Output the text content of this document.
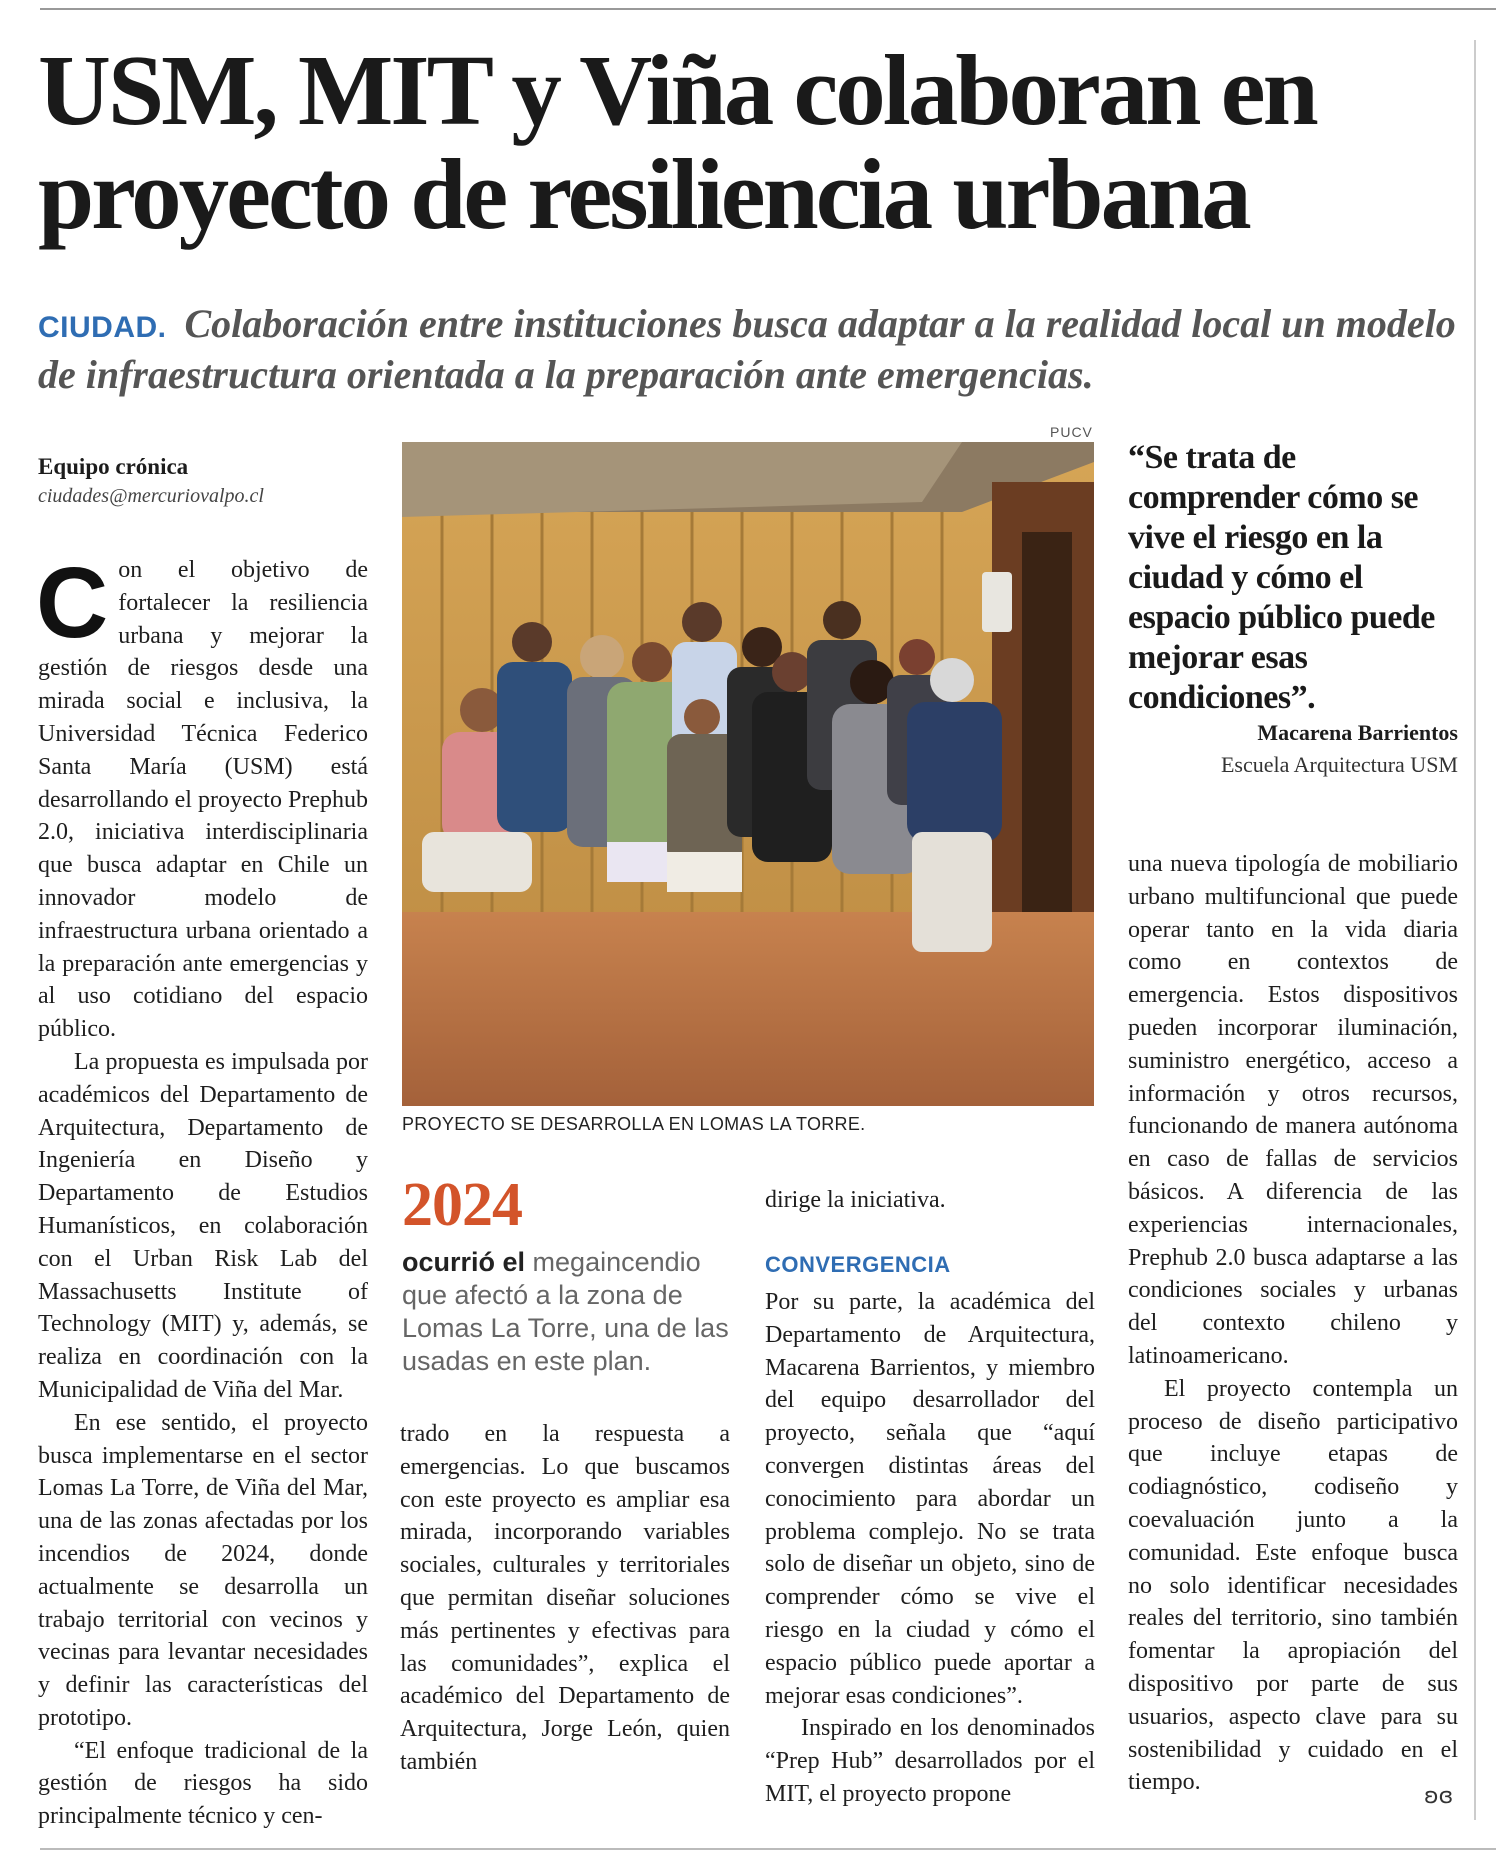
USM, MIT y Viña colaboran en
proyecto de resiliencia urbana
CIUDAD. Colaboración entre instituciones busca adaptar a la realidad local un modelo de infraestructura orientada a la preparación ante emergencias.
Equipo crónica
ciudades@mercuriovalpo.cl

Con el objetivo de fortalecer la resiliencia urbana y mejorar la gestión de riesgos desde una mirada social e inclusiva, la Universidad Técnica Federico Santa María (USM) está desarrollando el proyecto Prephub 2.0, iniciativa interdisciplinaria que busca adaptar en Chile un innovador modelo de infraestructura urbana orientado a la preparación ante emergencias y al uso cotidiano del espacio público.

La propuesta es impulsada por académicos del Departamento de Arquitectura, Departamento de Ingeniería en Diseño y Departamento de Estudios Humanísticos, en colaboración con el Urban Risk Lab del Massachusetts Institute of Technology (MIT) y, además, se realiza en coordinación con la Municipalidad de Viña del Mar.

En ese sentido, el proyecto busca implementarse en el sector Lomas La Torre, de Viña del Mar, una de las zonas afectadas por los incendios de 2024, donde actualmente se desarrolla un trabajo territorial con vecinos y vecinas para levantar necesidades y definir las características del prototipo.

“El enfoque tradicional de la gestión de riesgos ha sido principalmente técnico y cen-

PUCV
PROYECTO SE DESARROLLA EN LOMAS LA TORRE.
2024
ocurrió el megaincendio que afectó a la zona de Lomas La Torre, una de las usadas en este plan.

trado en la respuesta a emergencias. Lo que buscamos con este proyecto es ampliar esa mirada, incorporando variables sociales, culturales y territoriales que permitan diseñar soluciones más pertinentes y efectivas para las comunidades”, explica el académico del Departamento de Arquitectura, Jorge León, quien también

dirige la iniciativa.
CONVERGENCIA

Por su parte, la académica del Departamento de Arquitectura, Macarena Barrientos, y miembro del equipo desarrollador del proyecto, señala que “aquí convergen distintas áreas del conocimiento para abordar un problema complejo. No se trata solo de diseñar un objeto, sino de comprender cómo se vive el riesgo en la ciudad y cómo el espacio público puede aportar a mejorar esas condiciones”.

Inspirado en los denominados “Prep Hub” desarrollados por el MIT, el proyecto propone

“Se trata de comprender cómo se vive el riesgo en la ciudad y cómo el espacio público puede mejorar esas condiciones”.
Macarena Barrientos
Escuela Arquitectura USM

una nueva tipología de mobiliario urbano multifuncional que puede operar tanto en la vida diaria como en contextos de emergencia. Estos dispositivos pueden incorporar iluminación, suministro energético, acceso a información y otros recursos, funcionando de manera autónoma en caso de fallas de servicios básicos. A diferencia de las experiencias internacionales, Prephub 2.0 busca adaptarse a las condiciones sociales y urbanas del contexto chileno y latinoamericano.

El proyecto contempla un proceso de diseño participativo que incluye etapas de codiagnóstico, codiseño y coevaluación junto a la comunidad. Este enfoque busca no solo identificar necesidades reales del territorio, sino también fomentar la apropiación del dispositivo por parte de sus usuarios, aspecto clave para su sostenibilidad y cuidado en el tiempo.

ʚɞ
